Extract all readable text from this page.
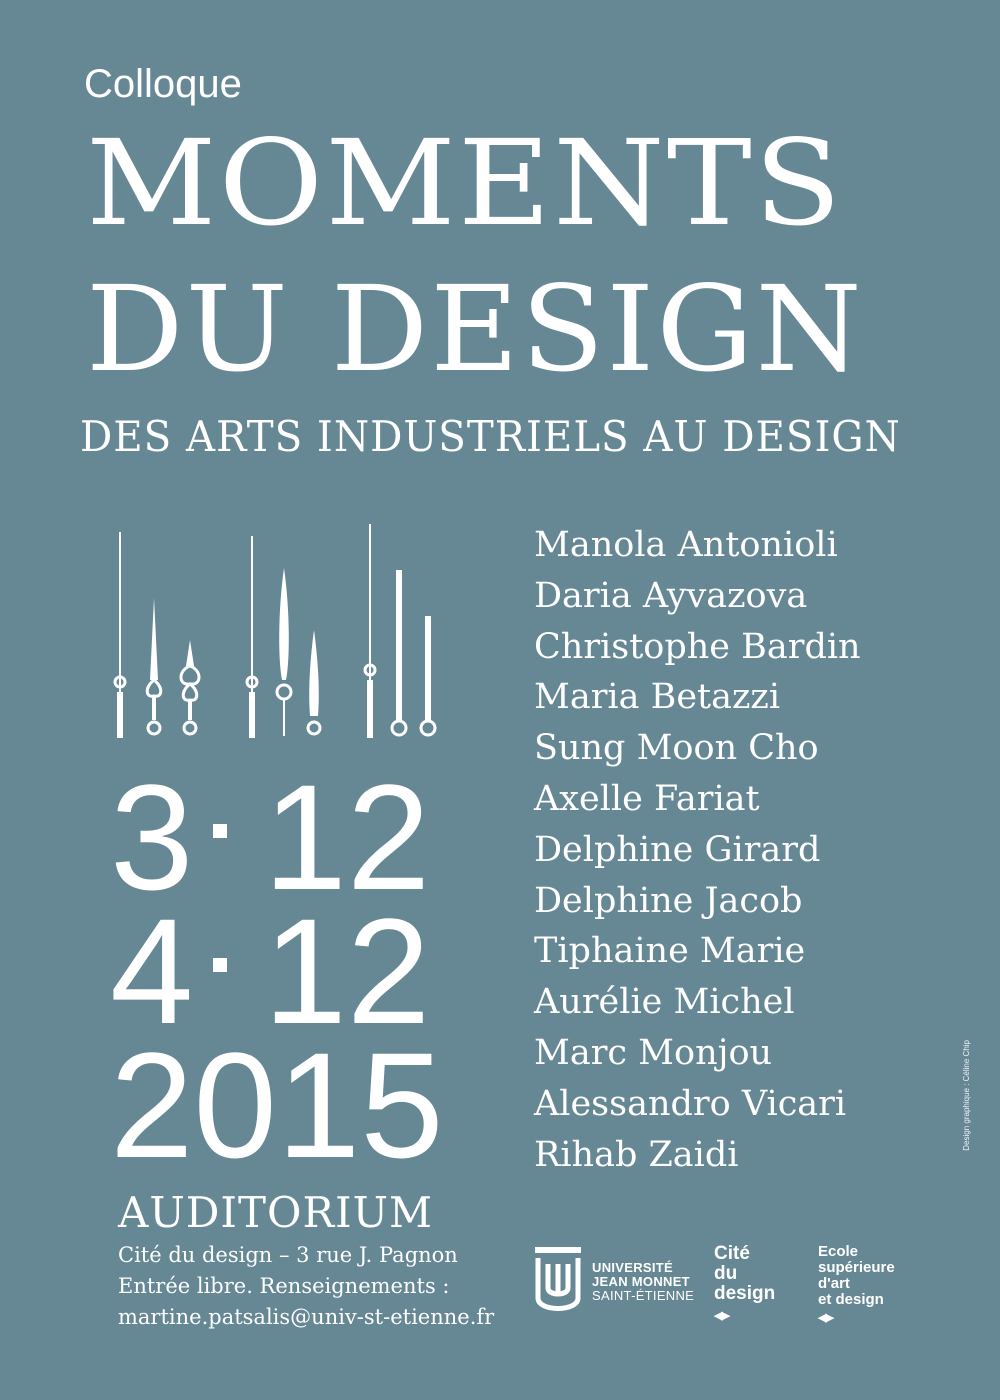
Colloque
MOMENTS
DU DESIGN
DES ARTS INDUSTRIELS AU DESIGN
3 12
4 12
2015
AUDITORIUM
Cité du design – 3 rue J. Pagnon
Entrée libre. Renseignements :
martine.patsalis@univ-st-etienne.fr
Manola Antonioli
Daria Ayvazova
Christophe Bardin
Maria Betazzi
Sung Moon Cho
Axelle Fariat
Delphine Girard
Delphine Jacob
Tiphaine Marie
Aurélie Michel
Marc Monjou
Alessandro Vicari
Rihab Zaidi
Design graphique : Céline Chip
UNIVERSITÉ
JEAN MONNET
SAINT-ÉTIENNE
Cité
du
design
◀▶
Ecole
supérieure
d'art
et design
◀▶
